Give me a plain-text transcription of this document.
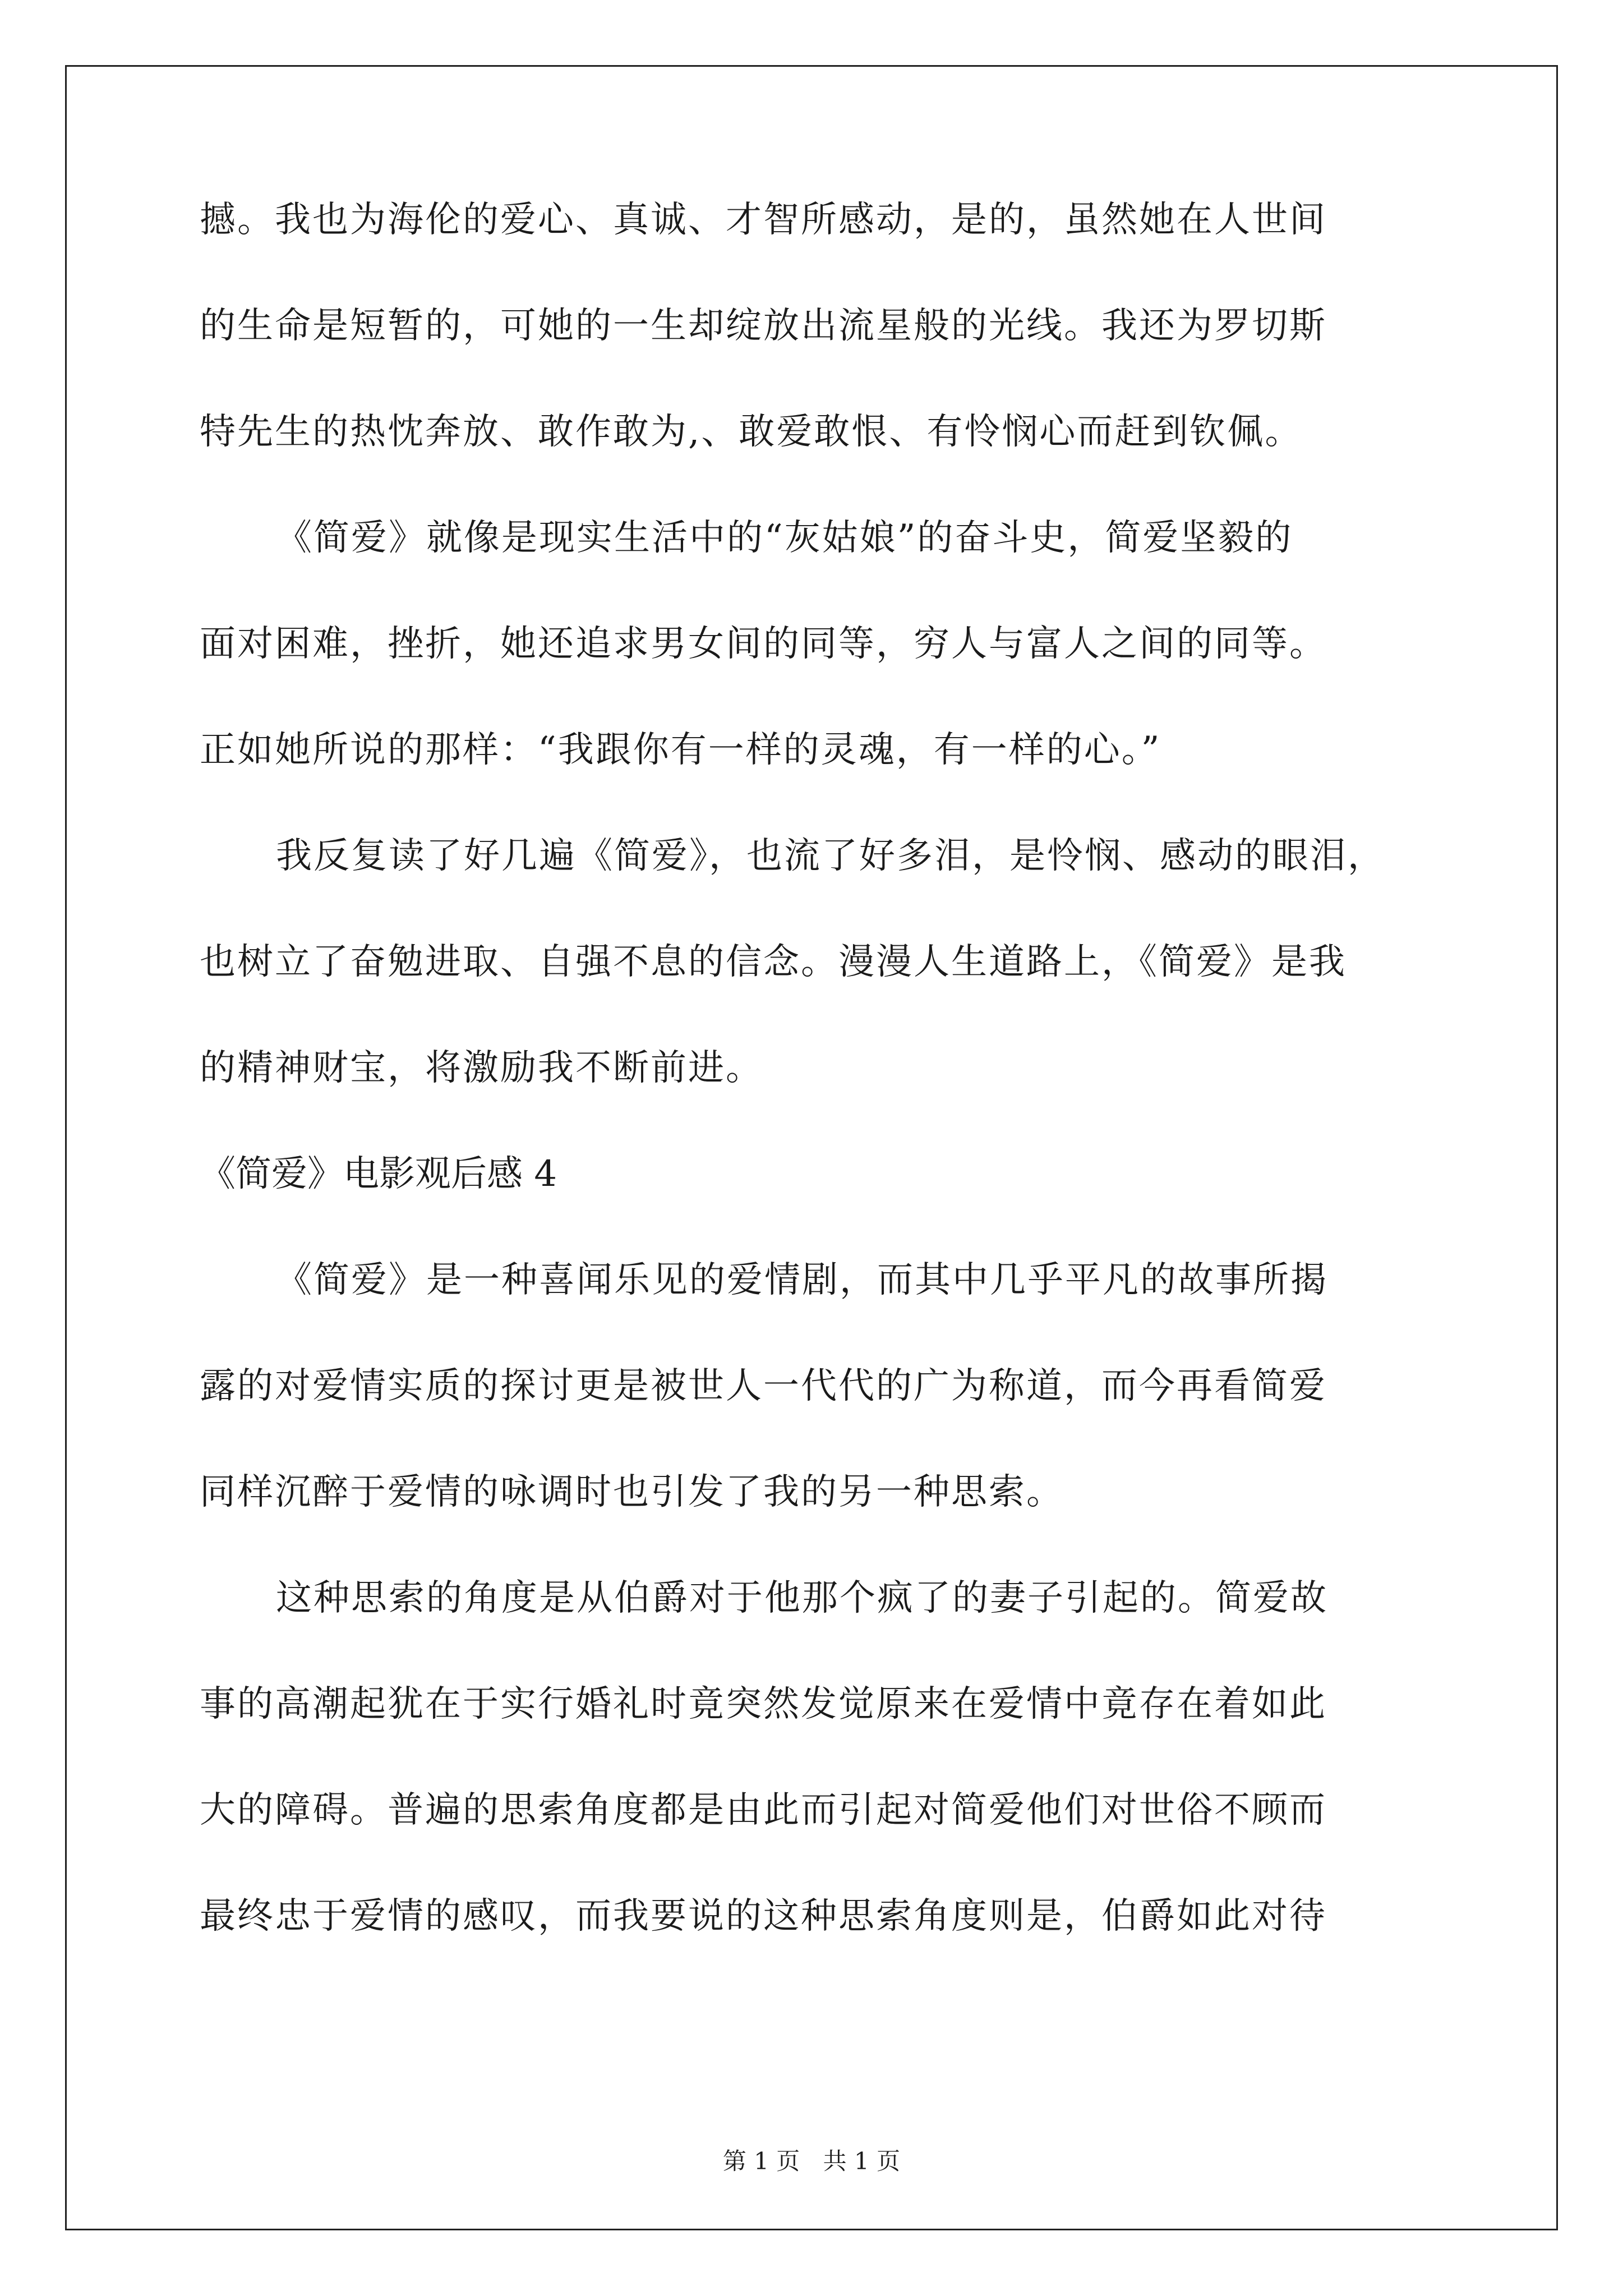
撼。我也为海伦的爱心、真诚、才智所感动，是的，虽然她在人世间
的生命是短暂的，可她的一生却绽放出流星般的光线。我还为罗切斯
特先生的热忱奔放、敢作敢为,、敢爱敢恨、有怜悯心而赶到钦佩。
《简爱》就像是现实生活中的“灰姑娘”的奋斗史，简爱坚毅的
面对困难，挫折，她还追求男女间的同等，穷人与富人之间的同等。
正如她所说的那样：“我跟你有一样的灵魂，有一样的心。”
我反复读了好几遍《简爱》，也流了好多泪，是怜悯、感动的眼泪，
也树立了奋勉进取、自强不息的信念。漫漫人生道路上，《简爱》是我
的精神财宝，将激励我不断前进。
《简爱》电影观后感 4
《简爱》是一种喜闻乐见的爱情剧，而其中几乎平凡的故事所揭
露的对爱情实质的探讨更是被世人一代代的广为称道，而今再看简爱
同样沉醉于爱情的咏调时也引发了我的另一种思索。
这种思索的角度是从伯爵对于他那个疯了的妻子引起的。简爱故
事的高潮起犹在于实行婚礼时竟突然发觉原来在爱情中竟存在着如此
大的障碍。普遍的思索角度都是由此而引起对简爱他们对世俗不顾而
最终忠于爱情的感叹，而我要说的这种思索角度则是，伯爵如此对待
第 1 页 共 1 页
